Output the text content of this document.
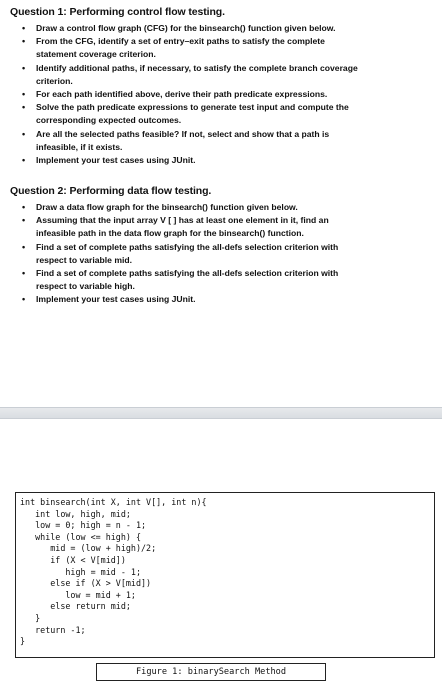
Question 1: Performing control flow testing.
• Draw a control flow graph (CFG) for the binsearch() function given below.
• From the CFG, identify a set of entry–exit paths to satisfy the complete
statement coverage criterion.
• Identify additional paths, if necessary, to satisfy the complete branch coverage
criterion.
• For each path identified above, derive their path predicate expressions.
• Solve the path predicate expressions to generate test input and compute the
corresponding expected outcomes.
• Are all the selected paths feasible? If not, select and show that a path is
infeasible, if it exists.
• Implement your test cases using JUnit.
Question 2: Performing data flow testing.
• Draw a data flow graph for the binsearch() function given below.
• Assuming that the input array V [ ] has at least one element in it, find an
infeasible path in the data flow graph for the binsearch() function.
• Find a set of complete paths satisfying the all-defs selection criterion with
respect to variable mid.
• Find a set of complete paths satisfying the all-defs selection criterion with
respect to variable high.
• Implement your test cases using JUnit.
int binsearch(int X, int V[], int n){
int low, high, mid;
low = 0; high = n - 1;
while (low <= high) {
mid = (low + high)/2;
if (X < V[mid])
high = mid - 1;
else if (X > V[mid])
low = mid + 1;
else return mid;
}
return -1;
}
Figure 1: binarySearch Method
